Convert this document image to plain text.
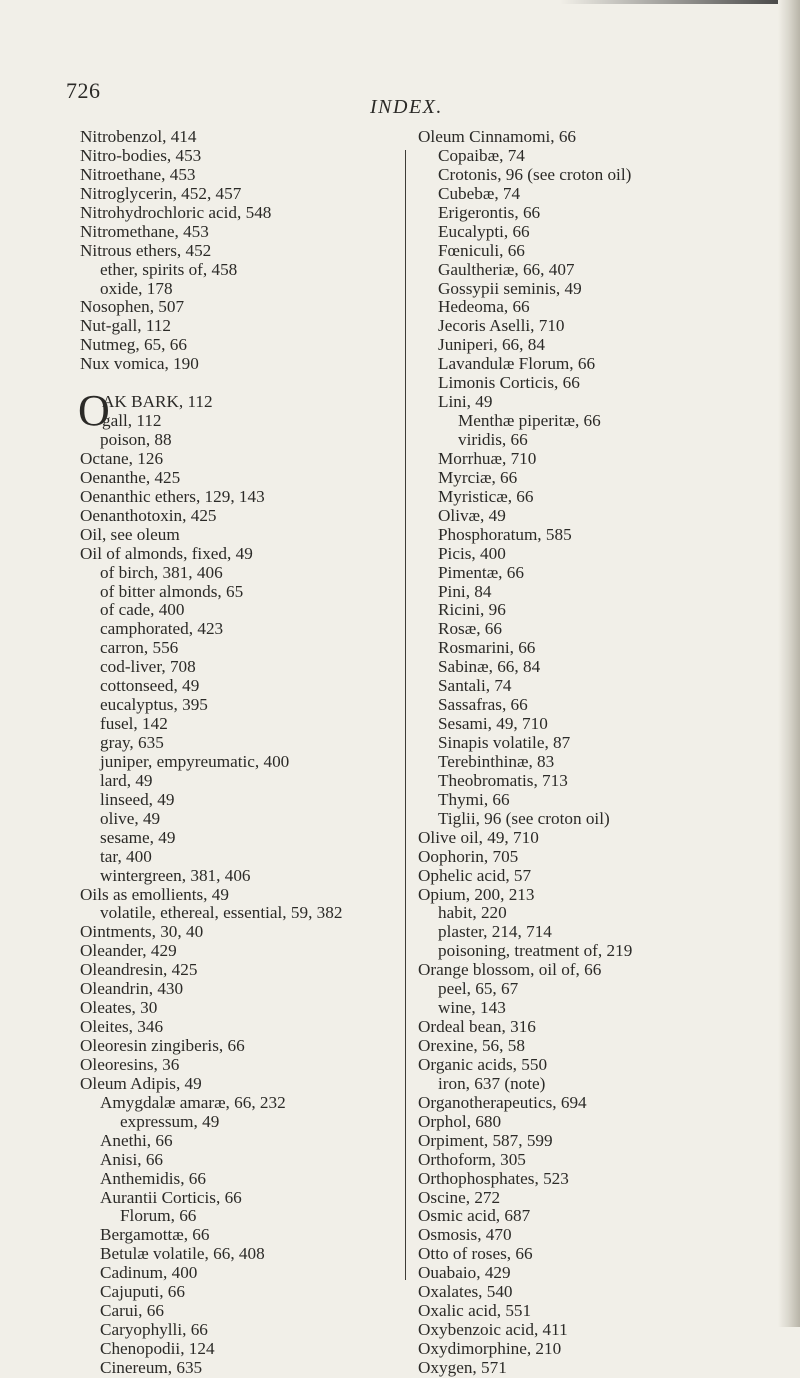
726
INDEX.
Nitrobenzol, 414
Nitro-bodies, 453
Nitroethane, 453
Nitroglycerin, 452, 457
Nitrohydrochloric acid, 548
Nitromethane, 453
Nitrous ethers, 452
ether, spirits of, 458
oxide, 178
Nosophen, 507
Nut-gall, 112
Nutmeg, 65, 66
Nux vomica, 190
O
AK BARK, 112
gall, 112
poison, 88
Octane, 126
Oenanthe, 425
Oenanthic ethers, 129, 143
Oenanthotoxin, 425
Oil, see oleum
Oil of almonds, fixed, 49
of birch, 381, 406
of bitter almonds, 65
of cade, 400
camphorated, 423
carron, 556
cod-liver, 708
cottonseed, 49
eucalyptus, 395
fusel, 142
gray, 635
juniper, empyreumatic, 400
lard, 49
linseed, 49
olive, 49
sesame, 49
tar, 400
wintergreen, 381, 406
Oils as emollients, 49
volatile, ethereal, essential, 59, 382
Ointments, 30, 40
Oleander, 429
Oleandresin, 425
Oleandrin, 430
Oleates, 30
Oleites, 346
Oleoresin zingiberis, 66
Oleoresins, 36
Oleum Adipis, 49
Amygdalæ amaræ, 66, 232
expressum, 49
Anethi, 66
Anisi, 66
Anthemidis, 66
Aurantii Corticis, 66
Florum, 66
Bergamottæ, 66
Betulæ volatile, 66, 408
Cadinum, 400
Cajuputi, 66
Carui, 66
Caryophylli, 66
Chenopodii, 124
Cinereum, 635
Oleum Cinnamomi, 66
Copaibæ, 74
Crotonis, 96 (see croton oil)
Cubebæ, 74
Erigerontis, 66
Eucalypti, 66
Fœniculi, 66
Gaultheriæ, 66, 407
Gossypii seminis, 49
Hedeoma, 66
Jecoris Aselli, 710
Juniperi, 66, 84
Lavandulæ Florum, 66
Limonis Corticis, 66
Lini, 49
Menthæ piperitæ, 66
viridis, 66
Morrhuæ, 710
Myrciæ, 66
Myristicæ, 66
Olivæ, 49
Phosphoratum, 585
Picis, 400
Pimentæ, 66
Pini, 84
Ricini, 96
Rosæ, 66
Rosmarini, 66
Sabinæ, 66, 84
Santali, 74
Sassafras, 66
Sesami, 49, 710
Sinapis volatile, 87
Terebinthinæ, 83
Theobromatis, 713
Thymi, 66
Tiglii, 96 (see croton oil)
Olive oil, 49, 710
Oophorin, 705
Ophelic acid, 57
Opium, 200, 213
habit, 220
plaster, 214, 714
poisoning, treatment of, 219
Orange blossom, oil of, 66
peel, 65, 67
wine, 143
Ordeal bean, 316
Orexine, 56, 58
Organic acids, 550
iron, 637 (note)
Organotherapeutics, 694
Orphol, 680
Orpiment, 587, 599
Orthoform, 305
Orthophosphates, 523
Oscine, 272
Osmic acid, 687
Osmosis, 470
Otto of roses, 66
Ouabaio, 429
Oxalates, 540
Oxalic acid, 551
Oxybenzoic acid, 411
Oxydimorphine, 210
Oxygen, 571
